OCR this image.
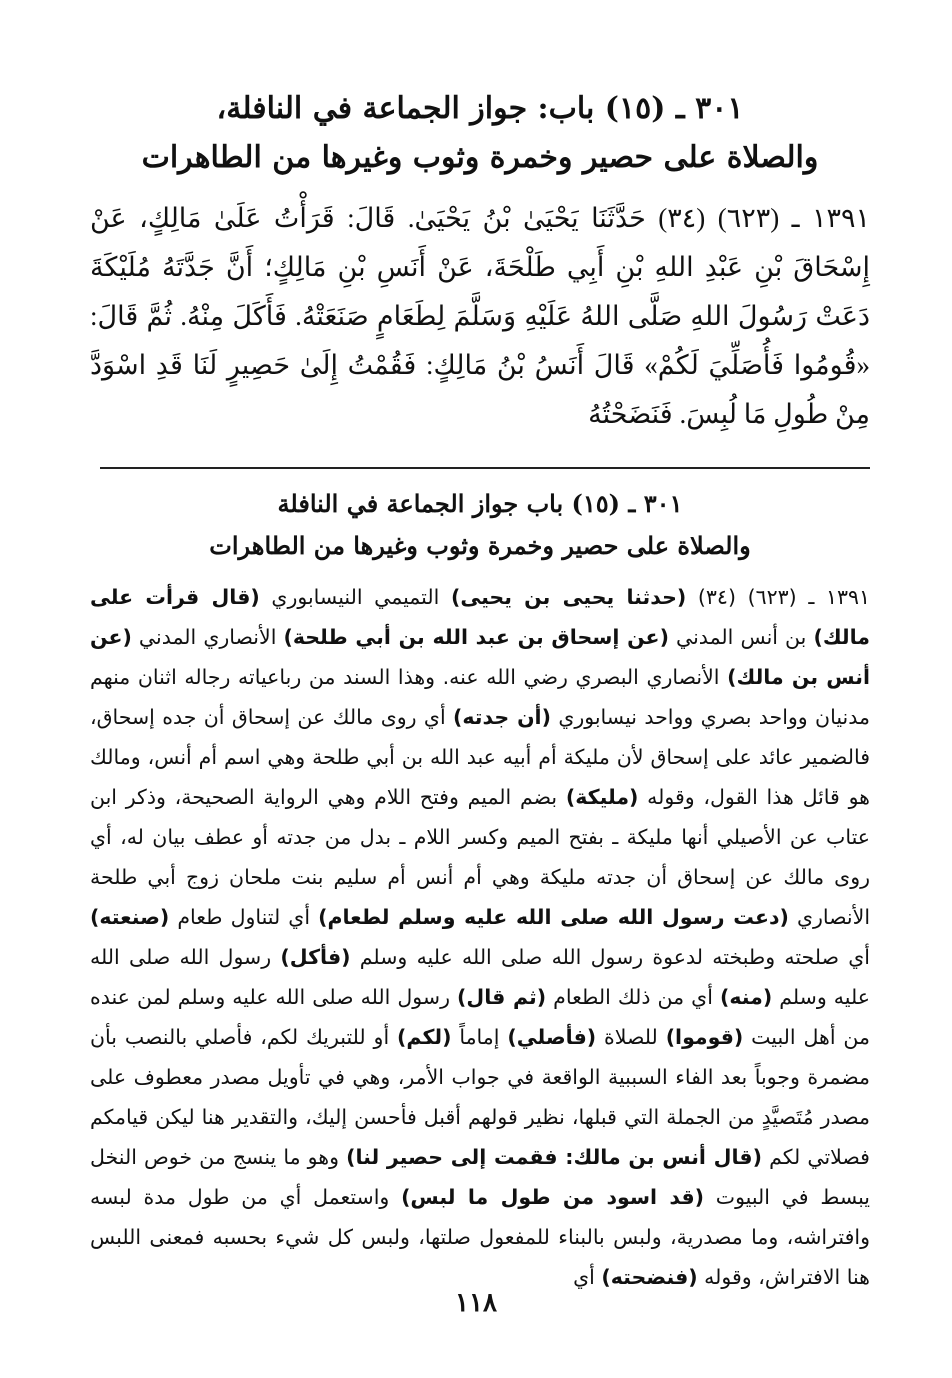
٣٠١ ـ (١٥) باب: جواز الجماعة في النافلة،
والصلاة على حصير وخمرة وثوب وغيرها من الطاهرات
١٣٩١ ـ (٦٢٣) (٣٤) حَدَّثَنَا يَحْيَىٰ بْنُ يَحْيَىٰ. قَالَ: قَرَأْتُ عَلَىٰ مَالِكٍ، عَنْ إِسْحَاقَ بْنِ عَبْدِ اللهِ بْنِ أَبِي طَلْحَةَ، عَنْ أَنَسِ بْنِ مَالِكٍ؛ أَنَّ جَدَّتَهُ مُلَيْكَةَ دَعَتْ رَسُولَ اللهِ صَلَّى اللهُ عَلَيْهِ وَسَلَّمَ لِطَعَامٍ صَنَعَتْهُ. فَأَكَلَ مِنْهُ. ثُمَّ قَالَ: «قُومُوا فَأُصَلِّيَ لَكُمْ» قَالَ أَنَسُ بْنُ مَالِكٍ: فَقُمْتُ إِلَىٰ حَصِيرٍ لَنَا قَدِ اسْوَدَّ مِنْ طُولِ مَا لُبِسَ. فَنَضَحْتُهُ
٣٠١ ـ (١٥) باب جواز الجماعة في النافلة
والصلاة على حصير وخمرة وثوب وغيرها من الطاهرات

١٣٩١ ـ (٦٢٣) (٣٤) (حدثنا يحيى بن يحيى) التميمي النيسابوري (قال قرأت على مالك) بن أنس المدني (عن إسحاق بن عبد الله بن أبي طلحة) الأنصاري المدني (عن أنس بن مالك) الأنصاري البصري رضي الله عنه. وهذا السند من رباعياته رجاله اثنان منهم مدنيان وواحد بصري وواحد نيسابوري (أن جدته) أي روى مالك عن إسحاق أن جده إسحاق، فالضمير عائد على إسحاق لأن مليكة أم أبيه عبد الله بن أبي طلحة وهي اسم أم أنس، ومالك هو قائل هذا القول، وقوله (مليكة) بضم الميم وفتح اللام وهي الرواية الصحيحة، وذكر ابن عتاب عن الأصيلي أنها مليكة ـ بفتح الميم وكسر اللام ـ بدل من جدته أو عطف بيان له، أي روى مالك عن إسحاق أن جدته مليكة وهي أم أنس أم سليم بنت ملحان زوج أبي طلحة الأنصاري (دعت رسول الله صلى الله عليه وسلم لطعام) أي لتناول طعام (صنعته) أي صلحته وطبخته لدعوة رسول الله صلى الله عليه وسلم (فأكل) رسول الله صلى الله عليه وسلم (منه) أي من ذلك الطعام (ثم قال) رسول الله صلى الله عليه وسلم لمن عنده من أهل البيت (قوموا) للصلاة (فأصلي) إماماً (لكم) أو للتبريك لكم، فأصلي بالنصب بأن مضمرة وجوباً بعد الفاء السببية الواقعة في جواب الأمر، وهي في تأويل مصدر معطوف على مصدر مُتَصيَّدٍ من الجملة التي قبلها، نظير قولهم أقبل فأحسن إليك، والتقدير هنا ليكن قيامكم فصلاتي لكم (قال أنس بن مالك: فقمت إلى حصير لنا) وهو ما ينسج من خوص النخل يبسط في البيوت (قد اسود من طول ما لبس) واستعمل أي من طول مدة لبسه وافتراشه، وما مصدرية، ولبس بالبناء للمفعول صلتها، ولبس كل شيء بحسبه فمعنى اللبس هنا الافتراش، وقوله (فنضحته) أي

١١٨
